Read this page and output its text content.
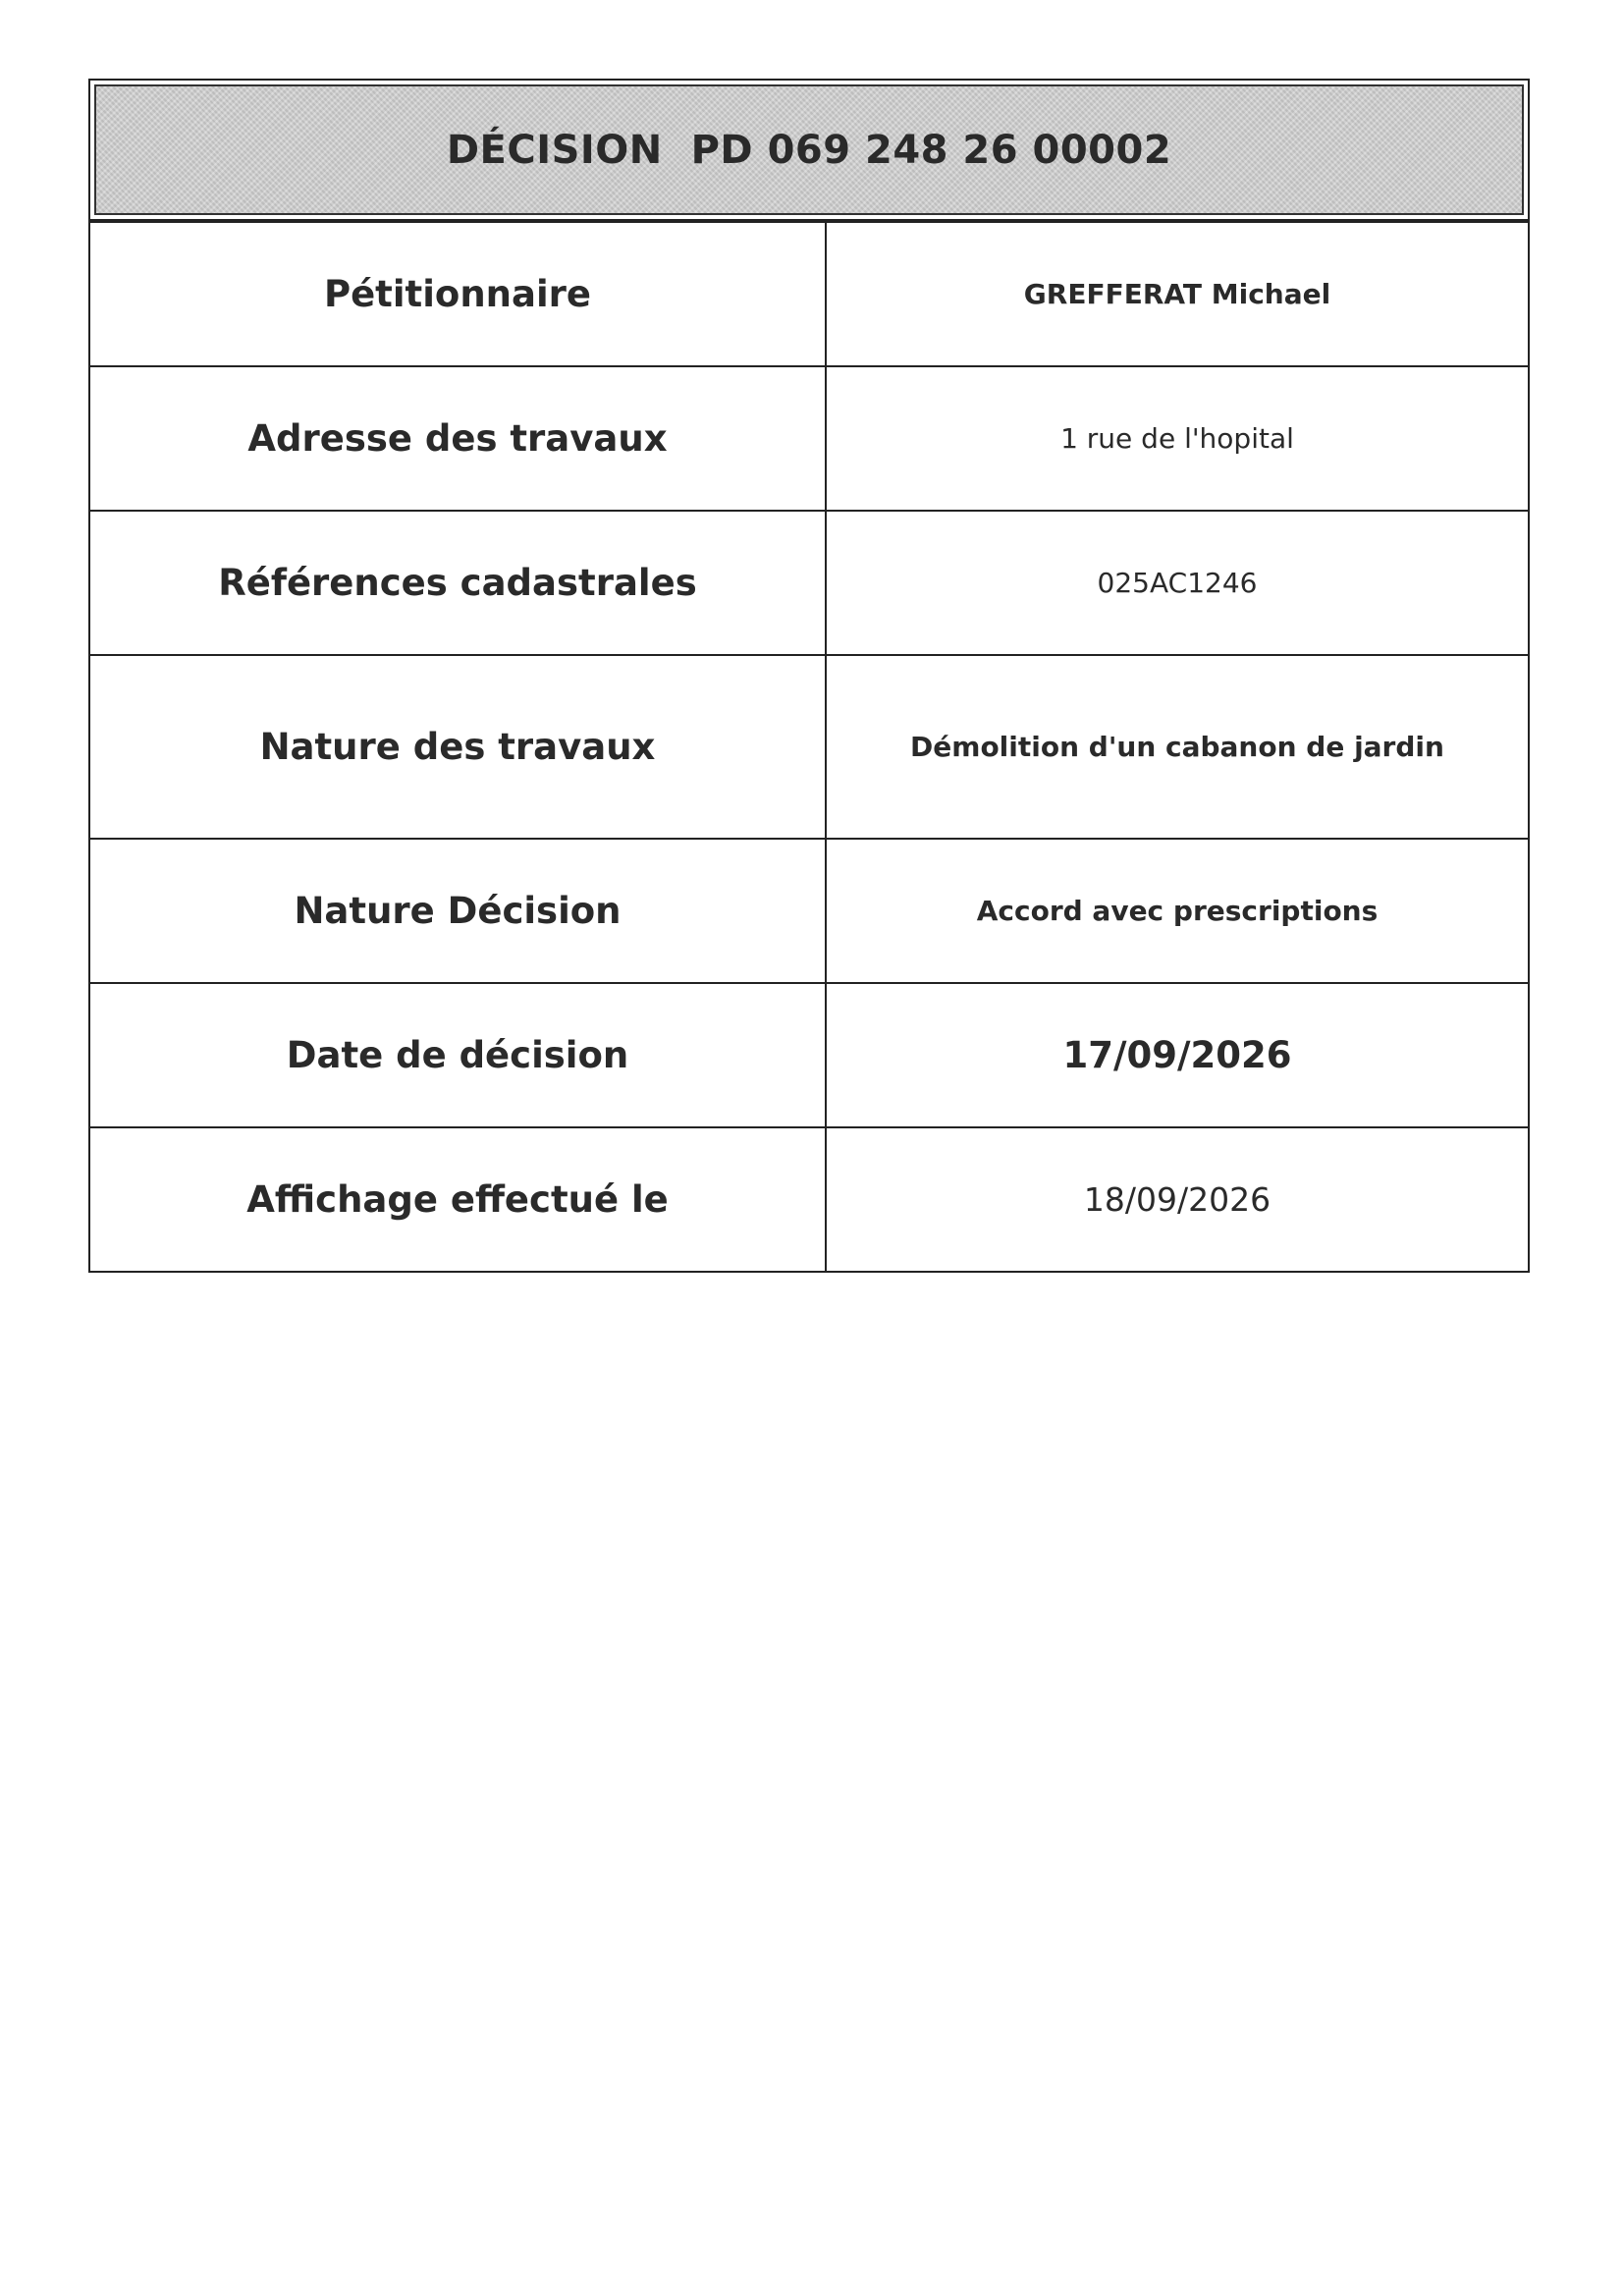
DÉCISION  PD 069 248 26 00002
Pétitionnaire	GREFFERAT Michael
Adresse des travaux	1 rue de l'hopital
Références cadastrales	025AC1246
Nature des travaux	Démolition d'un cabanon de jardin
Nature Décision	Accord avec prescriptions
Date de décision	17/09/2026
Affichage effectué le	18/09/2026
